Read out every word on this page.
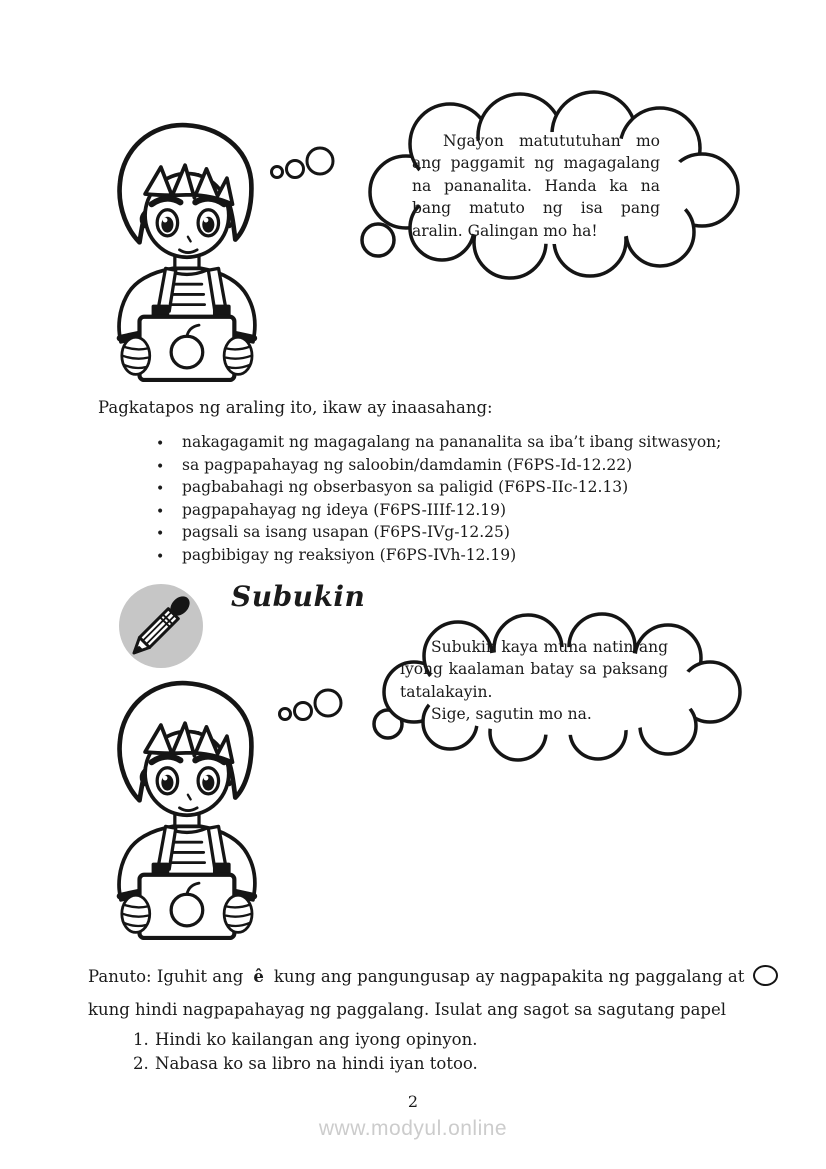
Ngayon matututuhan mo ang paggamit ng magagalang na pananalita. Handa ka na bang matuto ng isa pang aralin. Galingan mo ha!

Pagkatapos ng araling ito, ikaw ay inaasahang:

•
nakagagamit ng magagalang na pananalita sa iba’t ibang sitwasyon;
•
sa pagpapahayag ng saloobin/damdamin (F6PS-Id-12.22)
•
pagbabahagi ng obserbasyon sa paligid (F6PS-IIc-12.13)
•
pagpapahayag ng ideya (F6PS-IIIf-12.19)
•
pagsali sa isang usapan (F6PS-IVg-12.25)
•
pagbibigay ng reaksiyon (F6PS-IVh-12.19)
Subukin

Subukin kaya muna natin ang iyong kaalaman batay sa paksang tatalakayin.

Sige, sagutin mo na.

Panuto: Iguhit ang ê kung ang pangungusap ay nagpapakita ng paggalang at
kung hindi nagpapahayag ng paggalang. Isulat ang sagot sa sagutang papel
1. Hindi ko kailangan ang iyong opinyon.
2. Nabasa ko sa libro na hindi iyan totoo.
2
www.modyul.online
